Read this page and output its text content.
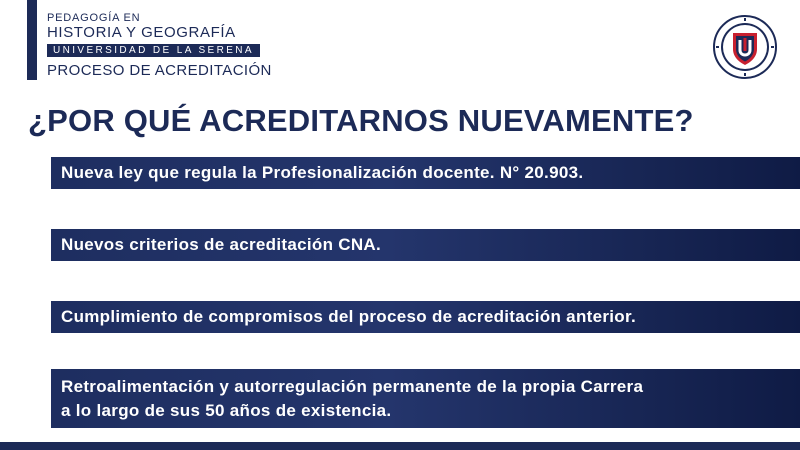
PEDAGOGÍA EN
HISTORIA Y GEOGRAFÍA
UNIVERSIDAD DE LA SERENA
PROCESO DE ACREDITACIÓN
¿POR QUÉ ACREDITARNOS NUEVAMENTE?
Nueva ley que regula la Profesionalización docente. N° 20.903.
Nuevos criterios de acreditación CNA.
Cumplimiento de compromisos del proceso de acreditación anterior.
Retroalimentación y autorregulación permanente de la propia Carrera
a lo largo de sus 50 años de existencia.
